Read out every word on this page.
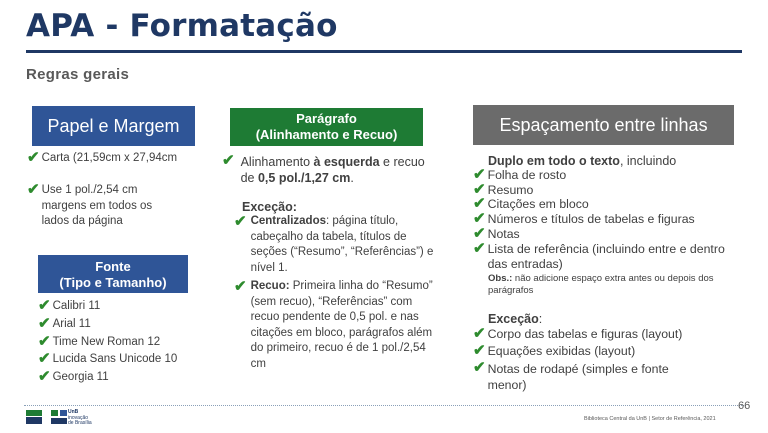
APA - Formatação
Regras gerais
Papel e Margem
✔ Carta (21,59cm x 27,94cm
✔ Use 1 pol./2,54 cm margens em todos os lados da página
Fonte
(Tipo e Tamanho)
✔ Calibri 11
✔ Arial 11
✔ Time New Roman 12
✔ Lucida Sans Unicode 10
✔ Georgia 11
Parágrafo
(Alinhamento e Recuo)
✔ Alinhamento à esquerda e recuo de 0,5 pol./1,27 cm.
Exceção:
✔ Centralizados: página título, cabeçalho da tabela, títulos de seções (“Resumo”, “Referências”) e nível 1.
✔ Recuo: Primeira linha do “Resumo” (sem recuo), “Referências” com recuo pendente de 0,5 pol. e nas citações em bloco, parágrafos além do primeiro, recuo é de 1 pol./2,54 cm
Espaçamento entre linhas
Duplo em todo o texto, incluindo
✔ Folha de rosto
✔ Resumo
✔ Citações em bloco
✔ Números e títulos de tabelas e figuras
✔ Notas
✔ Lista de referência (incluindo entre e dentro das entradas)
Obs.: não adicione espaço extra antes ou depois dos parágrafos
Exceção:
✔ Corpo das tabelas e figuras (layout)
✔ Equações exibidas (layout)
✔ Notas de rodapé (simples e fonte menor)
66
Biblioteca Central da UnB | Setor de Referência, 2021
UnB
inovação
de Brasília
